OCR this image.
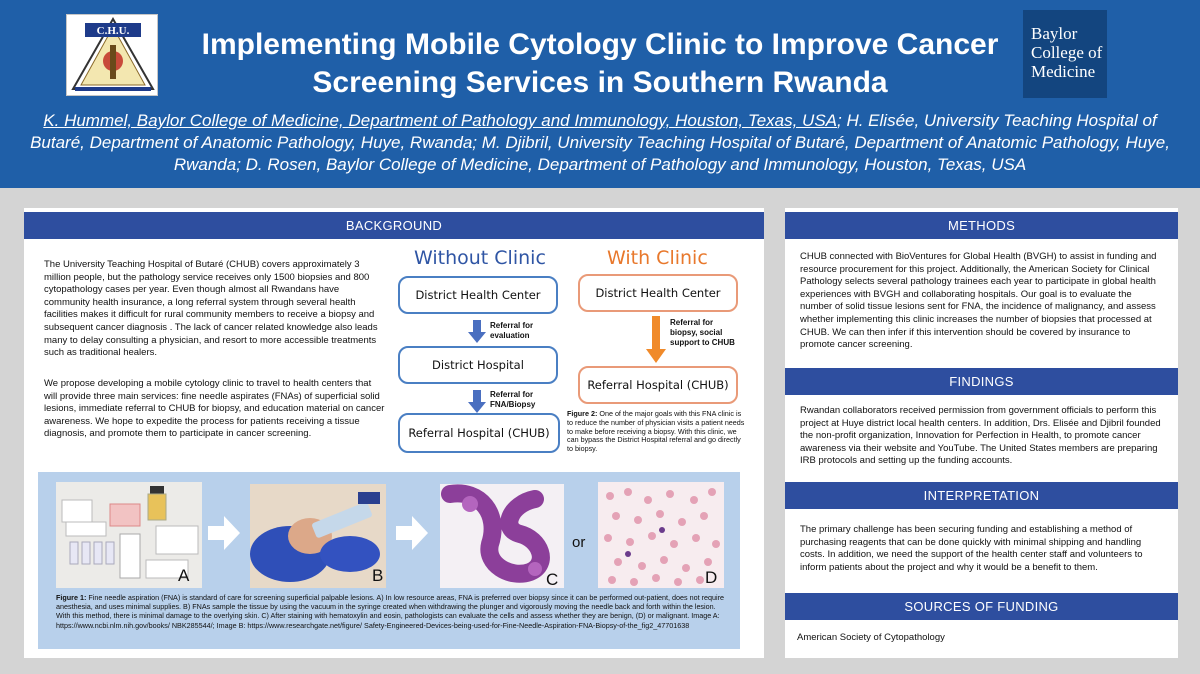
C.H.U.	Implementing Mobile Cytology Clinic to Improve Cancer
Screening Services in Southern Rwanda
Baylor
College of
Medicine
K. Hummel, Baylor College of Medicine, Department of Pathology and Immunology, Houston, Texas, USA; H. Elisée, University Teaching Hospital of Butaré, Department of Anatomic Pathology, Huye, Rwanda; M. Djibril, University Teaching Hospital of Butaré, Department of Anatomic Pathology, Huye, Rwanda; D. Rosen, Baylor College of Medicine, Department of Pathology and Immunology, Houston, Texas, USA
BACKGROUND
The University Teaching Hospital of Butaré (CHUB) covers approximately 3 million people, but the pathology service receives only 1500 biopsies and 800 cytopathology cases per year. Even though almost all Rwandans have community health insurance, a long referral system through several health facilities makes it difficult for rural community members to receive a biopsy and subsequent cancer diagnosis . The lack of cancer related knowledge also leads many to delay consulting a physician, and resort to more accessible treatments such as traditional healers.
We propose developing a mobile cytology clinic to travel to health centers that will provide three main services: fine needle aspirates (FNAs) of superficial solid lesions, immediate referral to CHUB for biopsy, and education material on cancer awareness. We hope to expedite the process for patients receiving a tissue diagnosis, and promote them to participate in cancer screening.
Without Clinic
District Health Center
Referral for evaluation
District Hospital
Referral for FNA/Biopsy
Referral Hospital (CHUB)
With Clinic
District Health Center
Referral for biopsy, social support to CHUB
Referral Hospital (CHUB)
Figure 2: One of the major goals with this FNA clinic is to reduce the number of physician visits a patient needs to make before receiving a biopsy. With this clinic, we can bypass the District Hospital referral and go directly to biopsy.
A	B	C
or
D
Figure 1: Fine needle aspiration (FNA) is standard of care for screening superficial palpable lesions. A) In low resource areas, FNA is preferred over biopsy since it can be performed out-patient, does not require anesthesia, and uses minimal supplies. B) FNAs sample the tissue by using the vacuum in the syringe created when withdrawing the plunger and vigorously moving the needle back and forth within the lesion. With this method, there is minimal damage to the overlying skin. C) After staining with hematoxylin and eosin, pathologists can evaluate the cells and assess whether they are benign, (D) or malignant. Image A: https://www.ncbi.nlm.nih.gov/books/ NBK285544/; Image B: https://www.researchgate.net/figure/ Safety-Engineered-Devices-being-used-for-Fine-Needle-Aspiration-FNA-Biopsy-of-the_fig2_47701638
METHODS
CHUB connected with BioVentures for Global Health (BVGH) to assist in funding and resource procurement for this project. Additionally, the American Society for Clinical Pathology selects several pathology trainees each year to participate in global health experiences with BVGH and collaborating hospitals. Our goal is to evaluate the number of solid tissue lesions sent for FNA, the incidence of malignancy, and assess whether implementing this clinic increases the number of biopsies that processed at CHUB. We can then infer if this intervention should be covered by insurance to promote cancer screening.
FINDINGS
Rwandan collaborators received permission from government officials to perform this project at Huye district local health centers. In addition, Drs. Elisée and Djibril founded the non-profit organization, Innovation for Perfection in Health, to promote cancer awareness via their website and YouTube. The United States members are preparing IRB protocols and setting up the funding accounts.
INTERPRETATION
The primary challenge has been securing funding and establishing a method of purchasing reagents that can be done quickly with minimal shipping and handling costs. In addition, we need the support of the health center staff and volunteers to inform patients about the project and why it would be a benefit to them.
SOURCES OF FUNDING
American Society of Cytopathology
